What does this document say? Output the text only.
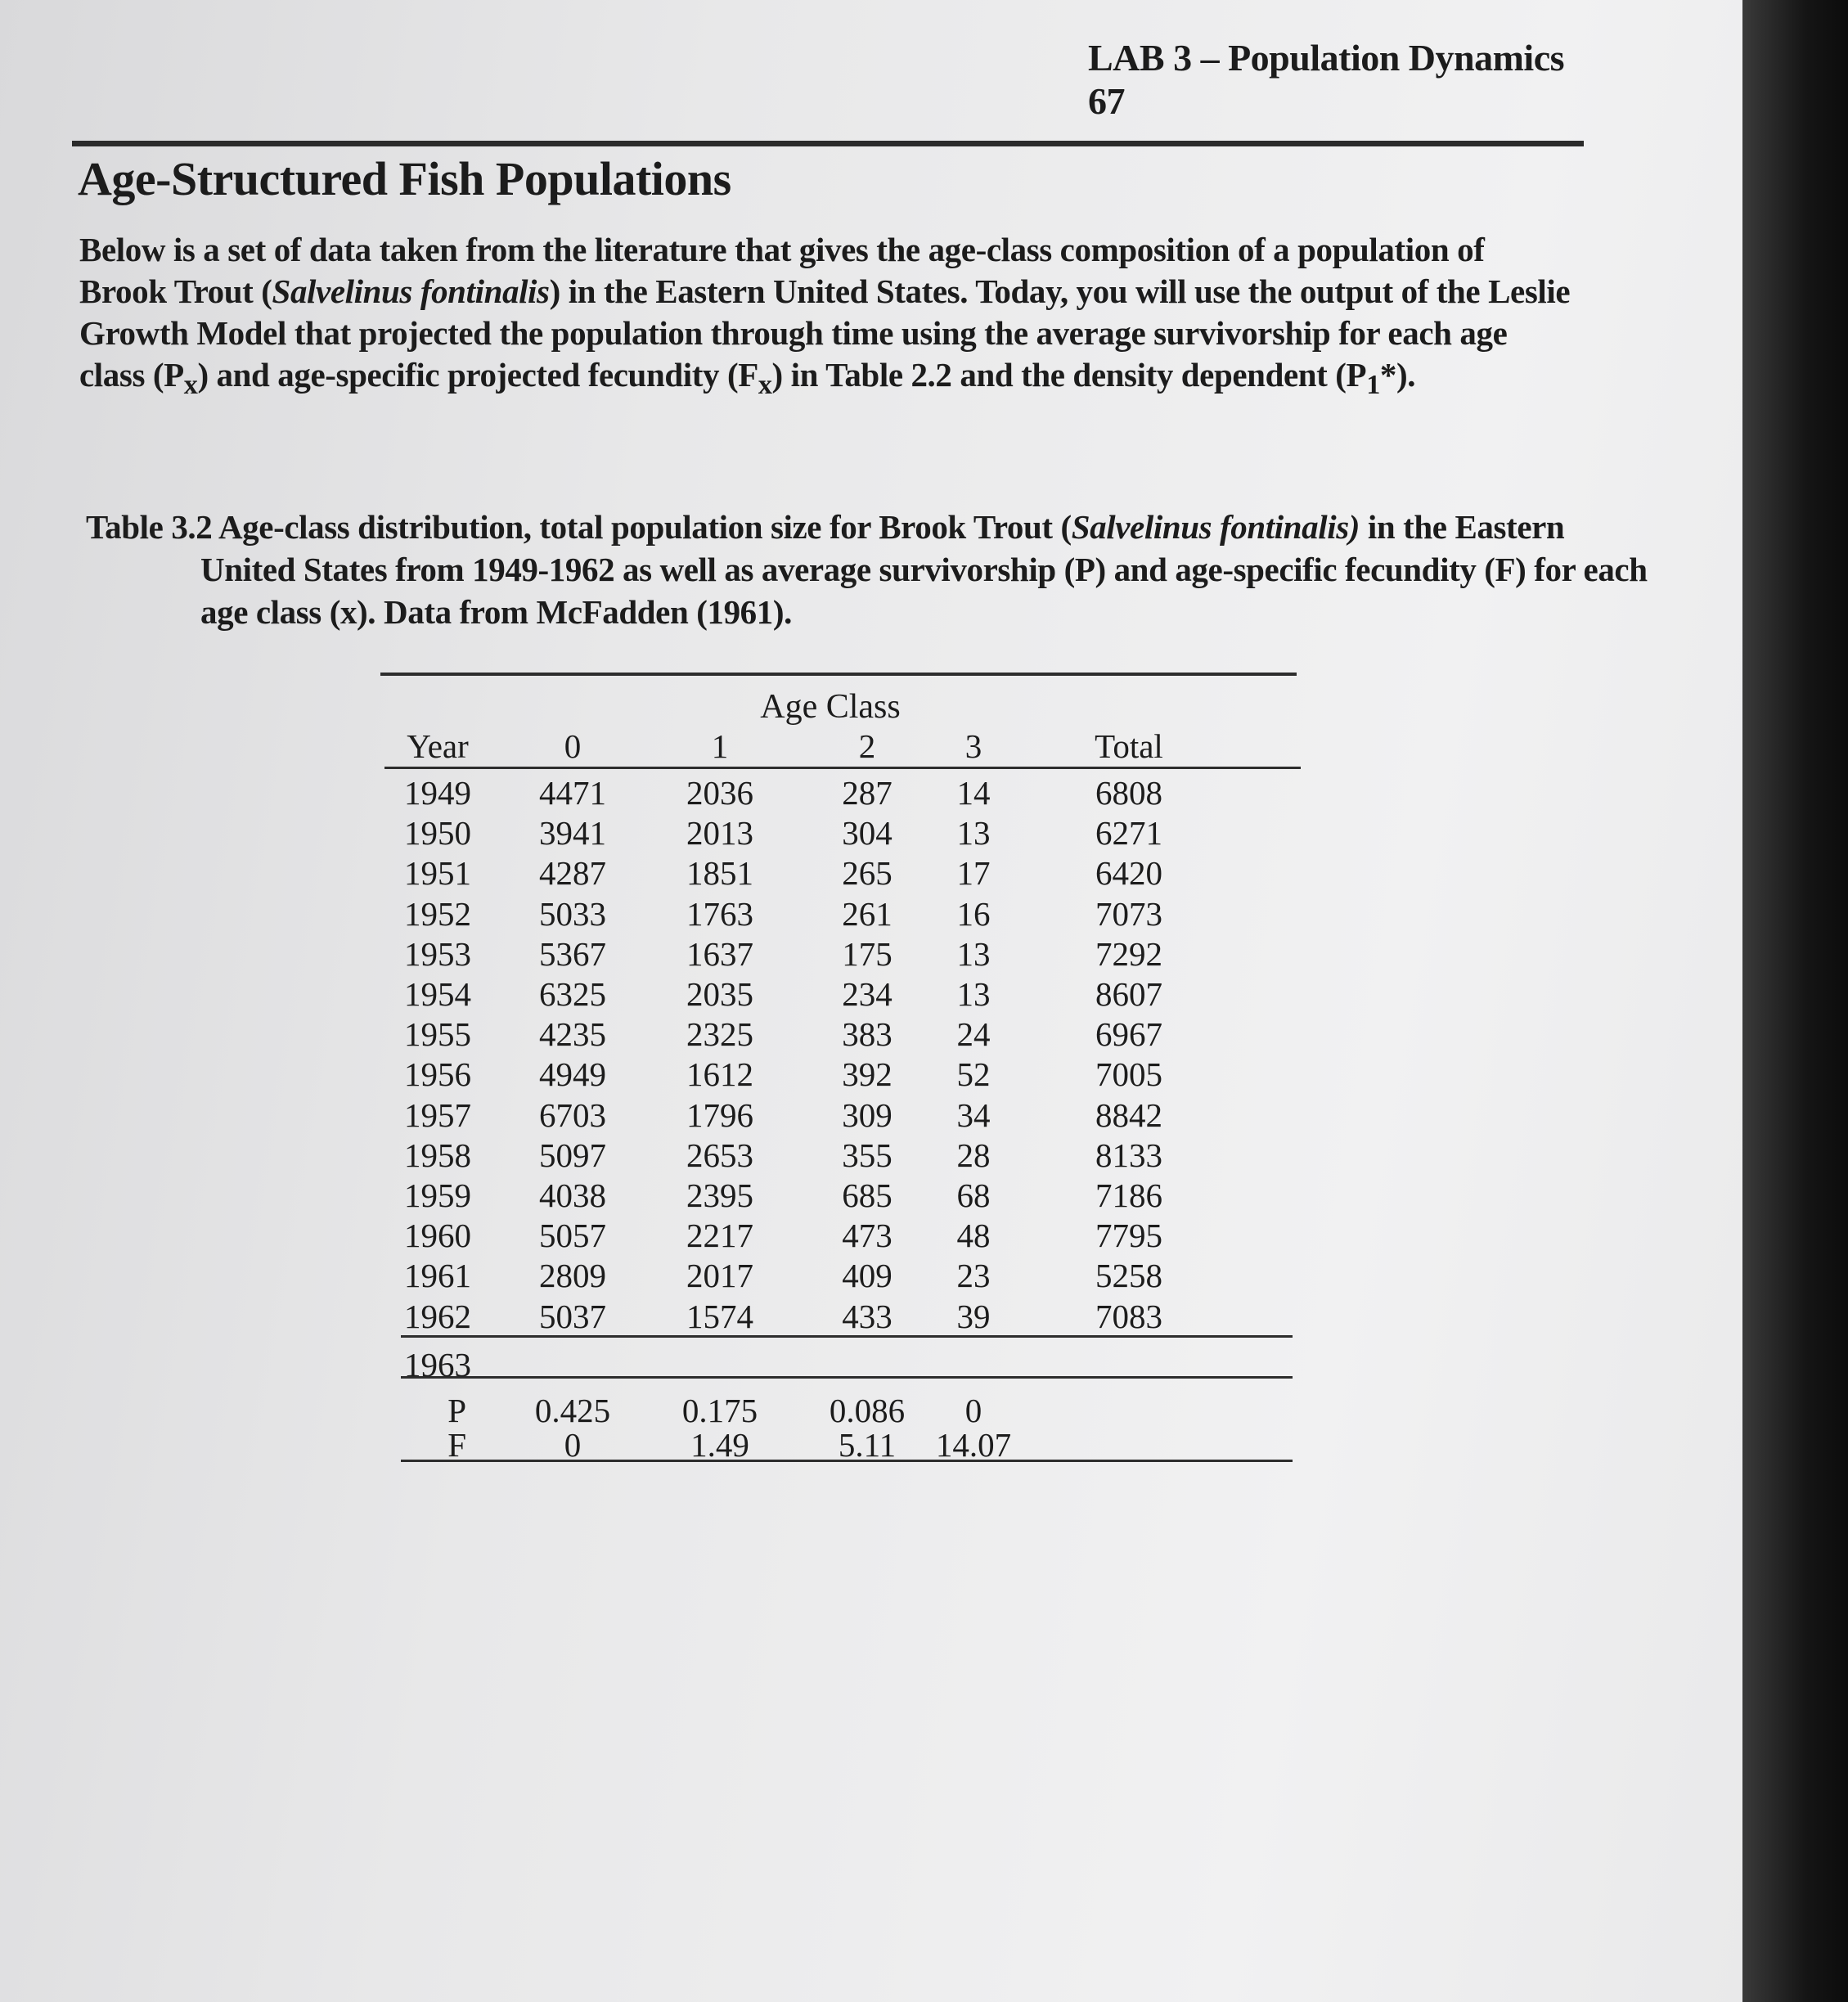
LAB 3 – Population Dynamics 67
Age-Structured Fish Populations
Below is a set of data taken from the literature that gives the age-class composition of a population of Brook Trout (Salvelinus fontinalis) in the Eastern United States. Today, you will use the output of the Leslie Growth Model that projected the population through time using the average survivorship for each age class $(P_x)$ and age-specific projected fecundity $(F_x)$ in Table 2.2 and the density dependent $(P_1*)$.
Table 3.2 Age-class distribution, total population size for Brook Trout (Salvelinus fontinalis) in the Eastern United States from 1949-1962 as well as average survivorship (P) and age-specific fecundity (F) for each age class (x). Data from McFadden (1961).
Age Class
Year	0	1	2	3	Total
1949	4471	2036	287	14	6808
1950	3941	2013	304	13	6271
1951	4287	1851	265	17	6420
1952	5033	1763	261	16	7073
1953	5367	1637	175	13	7292
1954	6325	2035	234	13	8607
1955	4235	2325	383	24	6967
1956	4949	1612	392	52	7005
1957	6703	1796	309	34	8842
1958	5097	2653	355	28	8133
1959	4038	2395	685	68	7186
1960	5057	2217	473	48	7795
1961	2809	2017	409	23	5258
1962	5037	1574	433	39	7083
1963
P	0.425	0.175	0.086	0
F	0	1.49	5.11	14.07
